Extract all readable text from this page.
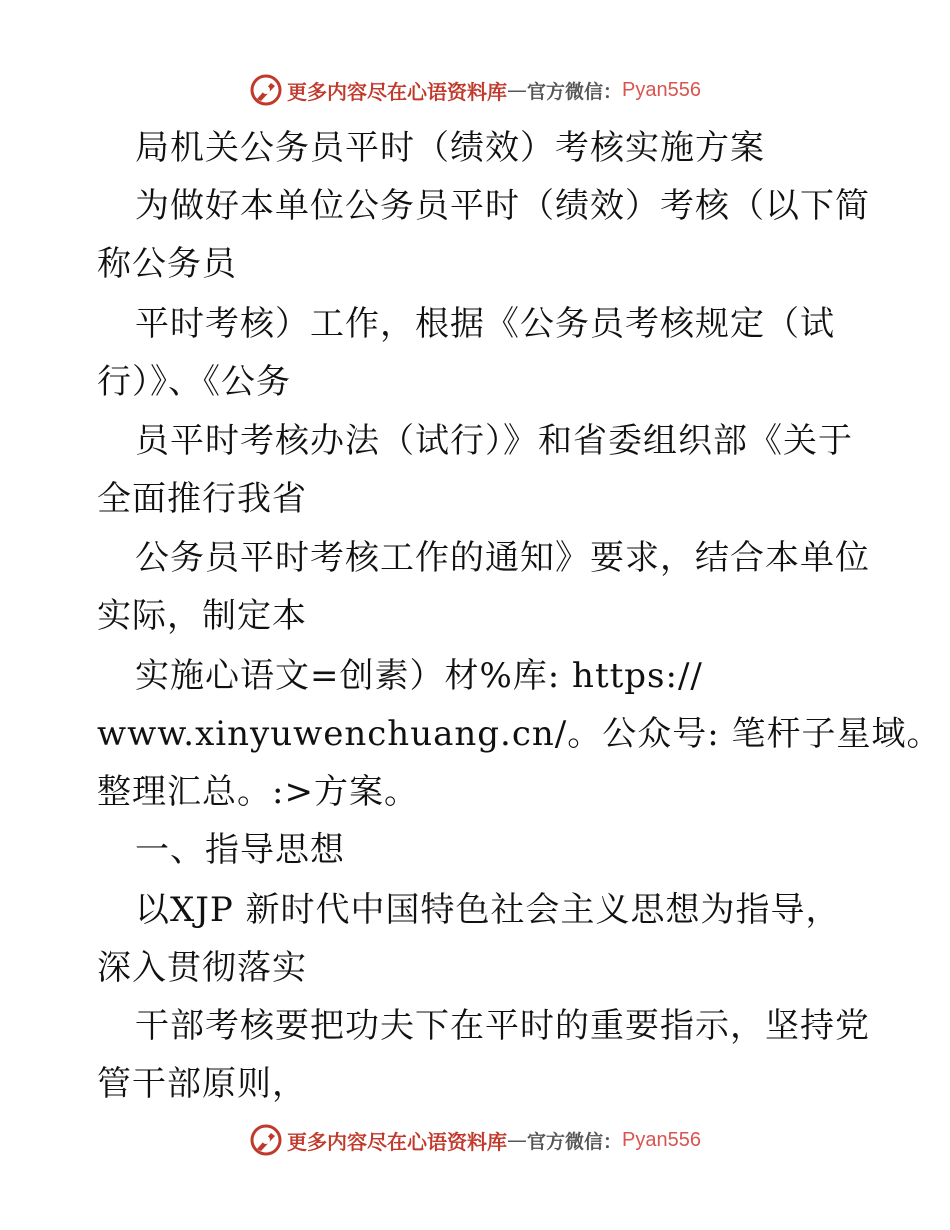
更多内容尽在心语资料库 — 官方微信： Pyan556
局机关公务员平时（绩效）考核实施方案
为做好本单位公务员平时（绩效）考核（以下简
称公务员
平时考核）工作，根据《公务员考核规定（试
行）》、《公务
员平时考核办法（试行）》和省委组织部《关于
全面推行我省
公务员平时考核工作的通知》要求，结合本单位
实际，制定本
实施心语文=创素）材%库: https://
www.xinyuwenchuang.cn/。公众号: 笔杆子星域。
整理汇总。:>方案。
一、指导思想
以XJP 新时代中国特色社会主义思想为指导，
深入贯彻落实
干部考核要把功夫下在平时的重要指示，坚持党
管干部原则，
更多内容尽在心语资料库 — 官方微信： Pyan556
